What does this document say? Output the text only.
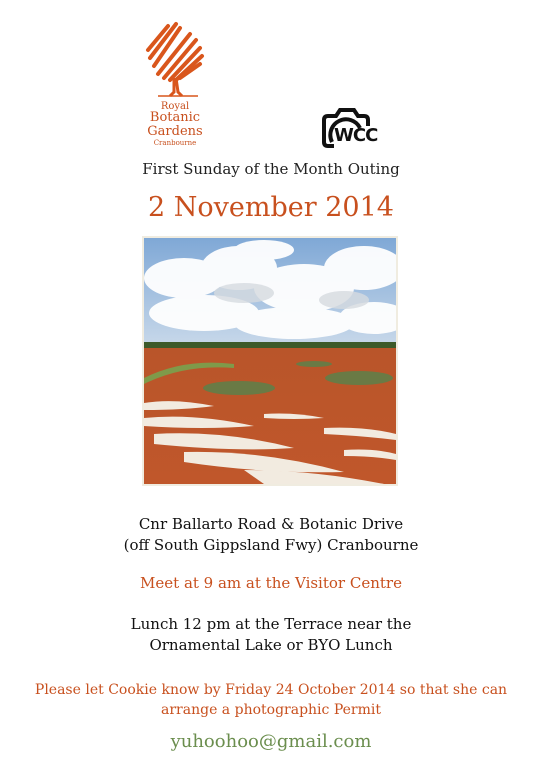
Royal
Botanic
Gardens
Cranbourne	WCC
First Sunday of the Month Outing
2 November 2014
Cnr Ballarto Road & Botanic Drive
(off South Gippsland Fwy) Cranbourne
Meet at 9 am at the Visitor Centre
Lunch 12 pm at the Terrace near the
Ornamental Lake or BYO Lunch
Please let Cookie know by Friday 24 October 2014 so that she can
arrange a photographic Permit
yuhoohoo@gmail.com
